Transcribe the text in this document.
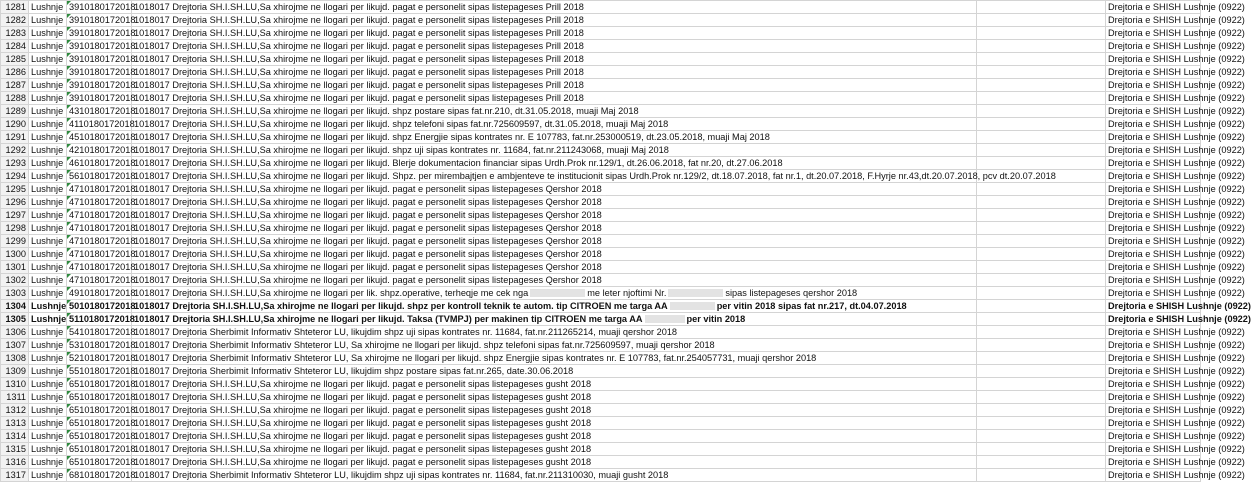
1281	Lushnje	3910180172018	1018017 Drejtoria SH.I.SH.LU,Sa xhirojme ne llogari per likujd. pagat e personelit sipas listepageses Prill 2018		Drejtoria e SHISH Lushnje (0922)
1282	Lushnje	3910180172018	1018017 Drejtoria SH.I.SH.LU,Sa xhirojme ne llogari per likujd. pagat e personelit sipas listepageses Prill 2018		Drejtoria e SHISH Lushnje (0922)
1283	Lushnje	3910180172018	1018017 Drejtoria SH.I.SH.LU,Sa xhirojme ne llogari per likujd. pagat e personelit sipas listepageses Prill 2018		Drejtoria e SHISH Lushnje (0922)
1284	Lushnje	3910180172018	1018017 Drejtoria SH.I.SH.LU,Sa xhirojme ne llogari per likujd. pagat e personelit sipas listepageses Prill 2018		Drejtoria e SHISH Lushnje (0922)
1285	Lushnje	3910180172018	1018017 Drejtoria SH.I.SH.LU,Sa xhirojme ne llogari per likujd. pagat e personelit sipas listepageses Prill 2018		Drejtoria e SHISH Lushnje (0922)
1286	Lushnje	3910180172018	1018017 Drejtoria SH.I.SH.LU,Sa xhirojme ne llogari per likujd. pagat e personelit sipas listepageses Prill 2018		Drejtoria e SHISH Lushnje (0922)
1287	Lushnje	3910180172018	1018017 Drejtoria SH.I.SH.LU,Sa xhirojme ne llogari per likujd. pagat e personelit sipas listepageses Prill 2018		Drejtoria e SHISH Lushnje (0922)
1288	Lushnje	3910180172018	1018017 Drejtoria SH.I.SH.LU,Sa xhirojme ne llogari per likujd. pagat e personelit sipas listepageses Prill 2018		Drejtoria e SHISH Lushnje (0922)
1289	Lushnje	4310180172018	1018017 Drejtoria SH.I.SH.LU,Sa xhirojme ne llogari per likujd. shpz postare sipas fat.nr.210, dt.31.05.2018, muaji Maj 2018		Drejtoria e SHISH Lushnje (0922)
1290	Lushnje	4110180172018	1018017 Drejtoria SH.I.SH.LU,Sa xhirojme ne llogari per likujd. shpz telefoni sipas fat.nr.725609597, dt.31.05.2018, muaji Maj 2018		Drejtoria e SHISH Lushnje (0922)
1291	Lushnje	4510180172018	1018017 Drejtoria SH.I.SH.LU,Sa xhirojme ne llogari per likujd. shpz Energjie sipas kontrates nr. E 107783, fat.nr.253000519, dt.23.05.2018, muaji Maj 2018		Drejtoria e SHISH Lushnje (0922)
1292	Lushnje	4210180172018	1018017 Drejtoria SH.I.SH.LU,Sa xhirojme ne llogari per likujd. shpz uji sipas kontrates nr. 11684, fat.nr.211243068, muaji Maj 2018		Drejtoria e SHISH Lushnje (0922)
1293	Lushnje	4610180172018	1018017 Drejtoria SH.I.SH.LU,Sa xhirojme ne llogari per likujd. Blerje dokumentacion financiar sipas Urdh.Prok nr.129/1, dt.26.06.2018, fat nr.20, dt.27.06.2018		Drejtoria e SHISH Lushnje (0922)
1294	Lushnje	5610180172018	1018017 Drejtoria SH.I.SH.LU,Sa xhirojme ne llogari per likujd. Shpz. per mirembajtjen e ambjenteve te institucionit sipas Urdh.Prok nr.129/2, dt.18.07.2018, fat nr.1, dt.20.07.2018, F.Hyrje nr.43,dt.20.07.2018, pcv dt.20.07.2018		Drejtoria e SHISH Lushnje (0922)
1295	Lushnje	4710180172018	1018017 Drejtoria SH.I.SH.LU,Sa xhirojme ne llogari per likujd. pagat e personelit sipas listepageses Qershor 2018		Drejtoria e SHISH Lushnje (0922)
1296	Lushnje	4710180172018	1018017 Drejtoria SH.I.SH.LU,Sa xhirojme ne llogari per likujd. pagat e personelit sipas listepageses Qershor 2018		Drejtoria e SHISH Lushnje (0922)
1297	Lushnje	4710180172018	1018017 Drejtoria SH.I.SH.LU,Sa xhirojme ne llogari per likujd. pagat e personelit sipas listepageses Qershor 2018		Drejtoria e SHISH Lushnje (0922)
1298	Lushnje	4710180172018	1018017 Drejtoria SH.I.SH.LU,Sa xhirojme ne llogari per likujd. pagat e personelit sipas listepageses Qershor 2018		Drejtoria e SHISH Lushnje (0922)
1299	Lushnje	4710180172018	1018017 Drejtoria SH.I.SH.LU,Sa xhirojme ne llogari per likujd. pagat e personelit sipas listepageses Qershor 2018		Drejtoria e SHISH Lushnje (0922)
1300	Lushnje	4710180172018	1018017 Drejtoria SH.I.SH.LU,Sa xhirojme ne llogari per likujd. pagat e personelit sipas listepageses Qershor 2018		Drejtoria e SHISH Lushnje (0922)
1301	Lushnje	4710180172018	1018017 Drejtoria SH.I.SH.LU,Sa xhirojme ne llogari per likujd. pagat e personelit sipas listepageses Qershor 2018		Drejtoria e SHISH Lushnje (0922)
1302	Lushnje	4710180172018	1018017 Drejtoria SH.I.SH.LU,Sa xhirojme ne llogari per likujd. pagat e personelit sipas listepageses Qershor 2018		Drejtoria e SHISH Lushnje (0922)
1303	Lushnje	4910180172018	1018017 Drejtoria SH.I.SH.LU,Sa xhirojme ne llogari per lik. shpz.operative, terheqje me cek nga me leter njoftimi Nr. sipas listepageses qershor 2018		Drejtoria e SHISH Lushnje (0922)
1304	Lushnje	5010180172018	1018017 Drejtoria SH.I.SH.LU,Sa xhirojme ne llogari per likujd. shpz per kontroll teknik te autom. tip CITROEN me targa AA per vitin 2018 sipas fat nr.217, dt.04.07.2018		Drejtoria e SHISH Lushnje (0922)
1305	Lushnje	5110180172018	1018017 Drejtoria SH.I.SH.LU,Sa xhirojme ne llogari per likujd. Taksa (TVMPJ) per makinen tip CITROEN me targa AA per vitin 2018		Drejtoria e SHISH Lushnje (0922)
1306	Lushnje	5410180172018	1018017 Drejtoria Sherbimit Informativ Shteteror LU, likujdim shpz uji sipas kontrates nr. 11684, fat.nr.211265214, muaji qershor 2018		Drejtoria e SHISH Lushnje (0922)
1307	Lushnje	5310180172018	1018017 Drejtoria Sherbimit Informativ Shteteror LU, Sa xhirojme ne llogari per likujd. shpz telefoni sipas fat.nr.725609597, muaji qershor 2018		Drejtoria e SHISH Lushnje (0922)
1308	Lushnje	5210180172018	1018017 Drejtoria Sherbimit Informativ Shteteror LU, Sa xhirojme ne llogari per likujd. shpz Energjie sipas kontrates nr. E 107783, fat.nr.254057731, muaji qershor 2018		Drejtoria e SHISH Lushnje (0922)
1309	Lushnje	5510180172018	1018017 Drejtoria Sherbimit Informativ Shteteror LU, likujdim shpz postare sipas fat.nr.265, date.30.06.2018		Drejtoria e SHISH Lushnje (0922)
1310	Lushnje	6510180172018	1018017 Drejtoria SH.I.SH.LU,Sa xhirojme ne llogari per likujd. pagat e personelit sipas listepageses gusht 2018		Drejtoria e SHISH Lushnje (0922)
1311	Lushnje	6510180172018	1018017 Drejtoria SH.I.SH.LU,Sa xhirojme ne llogari per likujd. pagat e personelit sipas listepageses gusht 2018		Drejtoria e SHISH Lushnje (0922)
1312	Lushnje	6510180172018	1018017 Drejtoria SH.I.SH.LU,Sa xhirojme ne llogari per likujd. pagat e personelit sipas listepageses gusht 2018		Drejtoria e SHISH Lushnje (0922)
1313	Lushnje	6510180172018	1018017 Drejtoria SH.I.SH.LU,Sa xhirojme ne llogari per likujd. pagat e personelit sipas listepageses gusht 2018		Drejtoria e SHISH Lushnje (0922)
1314	Lushnje	6510180172018	1018017 Drejtoria SH.I.SH.LU,Sa xhirojme ne llogari per likujd. pagat e personelit sipas listepageses gusht 2018		Drejtoria e SHISH Lushnje (0922)
1315	Lushnje	6510180172018	1018017 Drejtoria SH.I.SH.LU,Sa xhirojme ne llogari per likujd. pagat e personelit sipas listepageses gusht 2018		Drejtoria e SHISH Lushnje (0922)
1316	Lushnje	6510180172018	1018017 Drejtoria SH.I.SH.LU,Sa xhirojme ne llogari per likujd. pagat e personelit sipas listepageses gusht 2018		Drejtoria e SHISH Lushnje (0922)
1317	Lushnje	6810180172018	1018017 Drejtoria Sherbimit Informativ Shteteror LU, likujdim shpz uji sipas kontrates nr. 11684, fat.nr.211310030, muaji gusht 2018		Drejtoria e SHISH Lushnje (0922)
